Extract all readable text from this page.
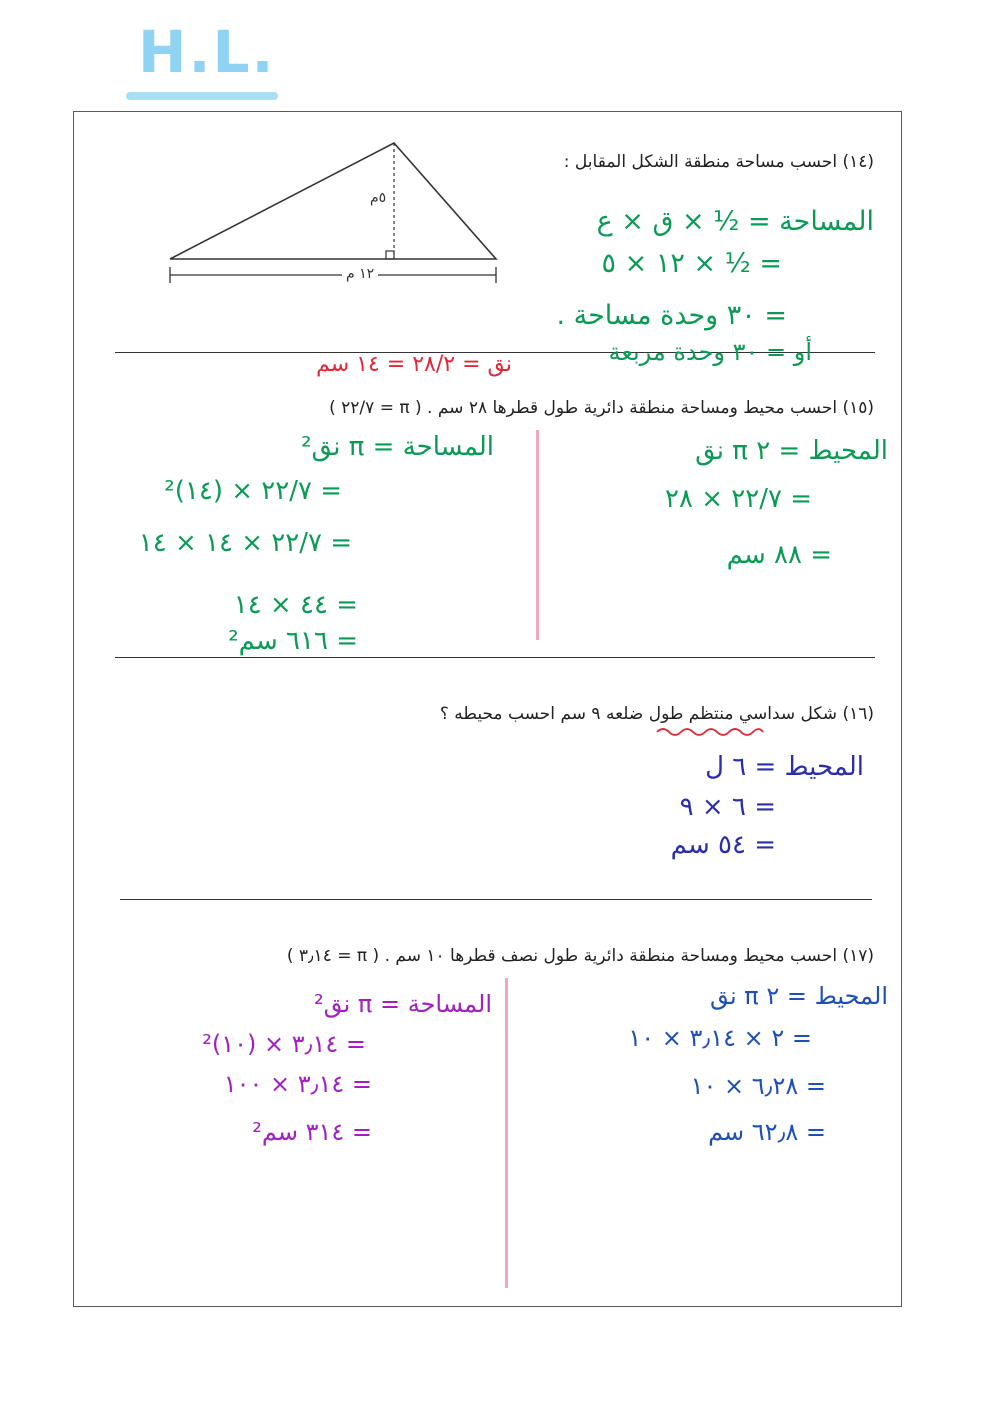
H.L.
(١٤) احسب مساحة منطقة الشكل المقابل :
٥م
١٢ م
المساحة = ½ × ق × ع
= ½ × ١٢ × ٥
= ٣٠ وحدة مساحة .
أو = ٣٠ وحدة مربعة
نق = ٢٨/٢ = ١٤ سم
(١٥) احسب محيط ومساحة منطقة دائرية طول قطرها ٢٨ سم . ( π = ٢٢/٧ )
المحيط = ٢ π نق
= ٢٢/٧ × ٢٨
= ٨٨ سم
المساحة = π نق²
= ٢٢/٧ × (١٤)²
= ٢٢/٧ × ١٤ × ١٤
= ٤٤ × ١٤
= ٦١٦ سم²
(١٦) شكل سداسي منتظم طول ضلعه ٩ سم احسب محيطه ؟
المحيط = ٦ ل
= ٦ × ٩
= ٥٤ سم
(١٧) احسب محيط ومساحة منطقة دائرية طول نصف قطرها ١٠ سم . ( π = ٣٫١٤ )
المحيط = ٢ π نق
= ٢ × ٣٫١٤ × ١٠
= ٦٫٢٨ × ١٠
= ٦٢٫٨ سم
المساحة = π نق²
= ٣٫١٤ × (١٠)²
= ٣٫١٤ × ١٠٠
= ٣١٤ سم²
